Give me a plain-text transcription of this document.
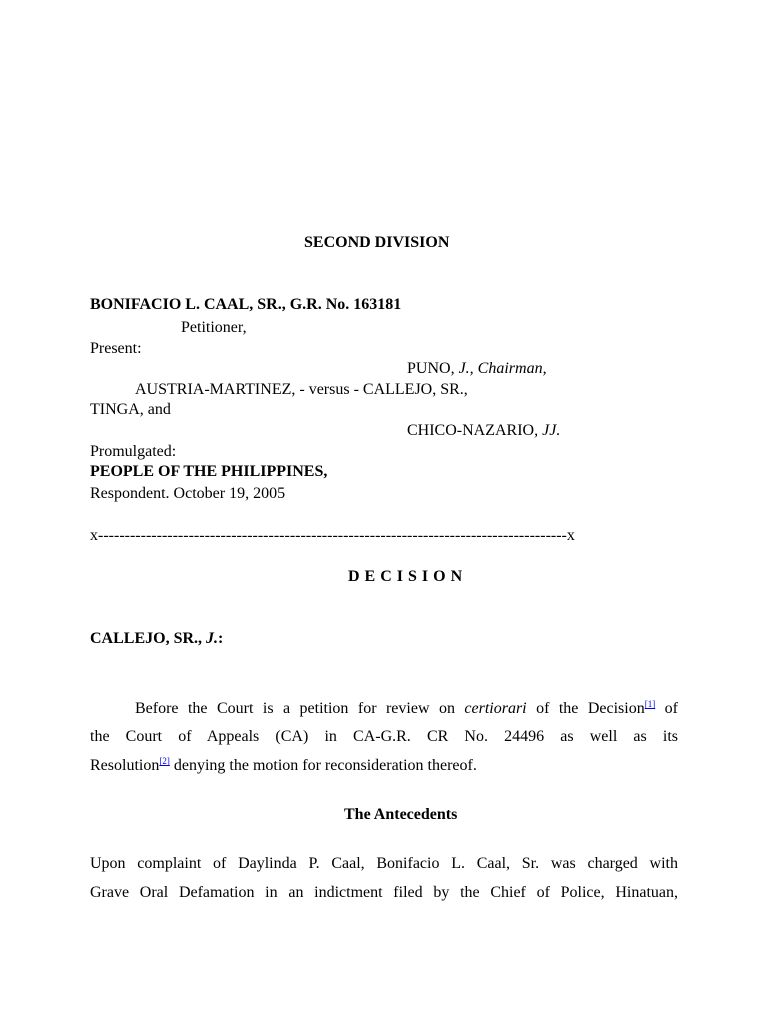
SECOND DIVISION
BONIFACIO L. CAAL, SR., G.R. No. 163181
Petitioner,
Present:
PUNO, J., Chairman,
AUSTRIA-MARTINEZ, - versus - CALLEJO, SR.,
TINGA, and
CHICO-NAZARIO, JJ.
Promulgated:
PEOPLE OF THE PHILIPPINES,
Respondent. October 19, 2005
x----------------------------------------------------------------------------------------x
DECISION
CALLEJO, SR., J.:
Before the Court is a petition for review on certiorari of the Decision[1] of
the Court of Appeals (CA) in CA-G.R. CR No. 24496 as well as its
Resolution[2] denying the motion for reconsideration thereof.
The Antecedents
Upon complaint of Daylinda P. Caal, Bonifacio L. Caal, Sr. was charged with
Grave Oral Defamation in an indictment filed by the Chief of Police, Hinatuan,
